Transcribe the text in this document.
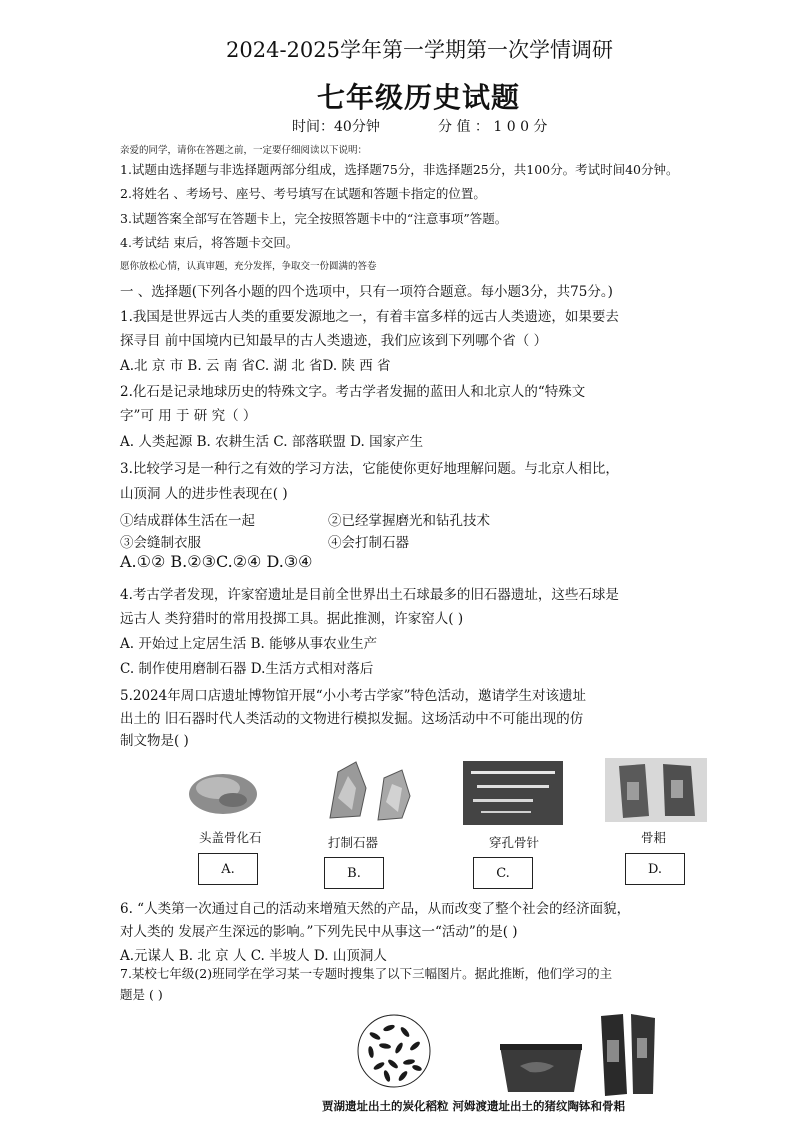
2024-2025学年第一学期第一次学情调研
七年级历史试题
时间：40分钟	分 值 ： 1 0 0 分
亲爱的同学，请你在答题之前，一定要仔细阅读以下说明：
1.试题由选择题与非选择题两部分组成，选择题75分，非选择题25分，共100分。考试时间40分钟。
2.将姓名 、考场号、座号、考号填写在试题和答题卡指定的位置。
3.试题答案全部写在答题卡上，完全按照答题卡中的“注意事项”答题。
4.考试结 束后，将答题卡交回。
愿你放松心情，认真审题，充分发挥，争取交一份圆满的答卷
一 、选择题(下列各小题的四个选项中，只有一项符合题意。每小题3分，共75分。)
1.我国是世界远古人类的重要发源地之一，有着丰富多样的远古人类遗迹，如果要去
探寻目 前中国境内已知最早的古人类遗迹，我们应该到下列哪个省（ ）
A.北 京 市 B. 云 南 省C. 湖 北 省D. 陕 西 省
2.化石是记录地球历史的特殊文字。考古学者发掘的蓝田人和北京人的“特殊文
字”可 用 于 研 究（ ）
A. 人类起源 B. 农耕生活 C. 部落联盟 D. 国家产生
3.比较学习是一种行之有效的学习方法，它能使你更好地理解问题。与北京人相比，
山顶洞 人的进步性表现在( )
①结成群体生活在一起	②已经掌握磨光和钻孔技术
③会缝制衣服	④会打制石器
A.①② B.②③C.②④ D.③④
4.考古学者发现，许家窑遗址是目前全世界出土石球最多的旧石器遗址，这些石球是
远古人 类狩猎时的常用投掷工具。据此推测，许家窑人( )
A. 开始过上定居生活 B. 能够从事农业生产
C. 制作使用磨制石器 D.生活方式相对落后
5.2024年周口店遗址博物馆开展“小小考古学家”特色活动，邀请学生对该遗址
出土的 旧石器时代人类活动的文物进行模拟发掘。这场活动中不可能出现的仿
制文物是( )
头盖骨化石	打制石器	穿孔骨针	骨耜
A.	B.	C.	D.
6. “人类第一次通过自己的活动来增殖天然的产品，从而改变了整个社会的经济面貌，
对人类的 发展产生深远的影响。”下列先民中从事这一“活动”的是( )
A.元谋人 B. 北 京 人 C. 半坡人 D. 山顶洞人
7.某校七年级(2)班同学在学习某一专题时搜集了以下三幅图片。据此推断，他们学习的主
题是 ( )
贾湖遗址出土的炭化稻粒 河姆渡遗址出土的猪纹陶钵和骨耜
